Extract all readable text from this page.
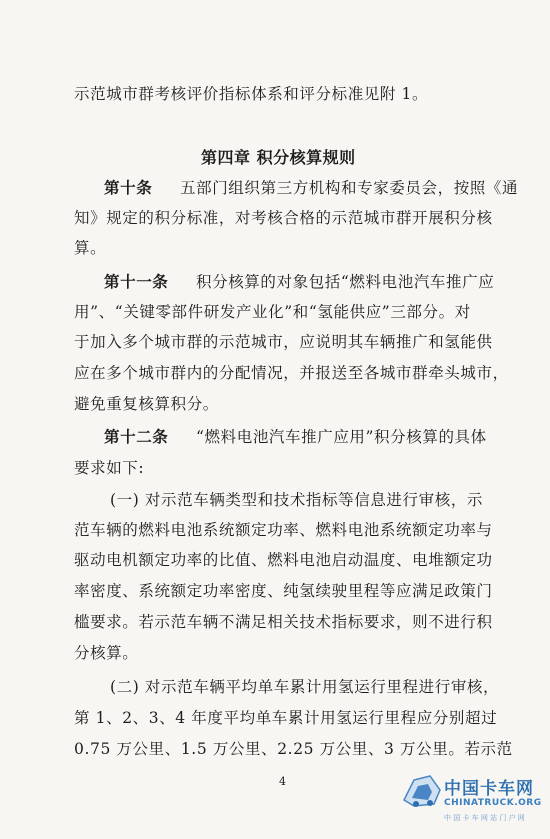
示范城市群考核评价指标体系和评分标准见附 1。
第四章 积分核算规则
第十条 五部门组织第三方机构和专家委员会，按照《通
知》规定的积分标准，对考核合格的示范城市群开展积分核
算。
第十一条 积分核算的对象包括“燃料电池汽车推广应
用”、“关键零部件研发产业化”和“氢能供应”三部分。对
于加入多个城市群的示范城市，应说明其车辆推广和氢能供
应在多个城市群内的分配情况，并报送至各城市群牵头城市，
避免重复核算积分。
第十二条 “燃料电池汽车推广应用”积分核算的具体
要求如下:
(一) 对示范车辆类型和技术指标等信息进行审核，示
范车辆的燃料电池系统额定功率、燃料电池系统额定功率与
驱动电机额定功率的比值、燃料电池启动温度、电堆额定功
率密度、系统额定功率密度、纯氢续驶里程等应满足政策门
槛要求。若示范车辆不满足相关技术指标要求，则不进行积
分核算。
(二) 对示范车辆平均单车累计用氢运行里程进行审核，
第 1、2、3、4 年度平均单车累计用氢运行里程应分别超过
0.75 万公里、1.5 万公里、2.25 万公里、3 万公里。若示范
4	中国卡车网
CHINATRUCK.ORG
中 国 卡 车 网 站 门 户 网
